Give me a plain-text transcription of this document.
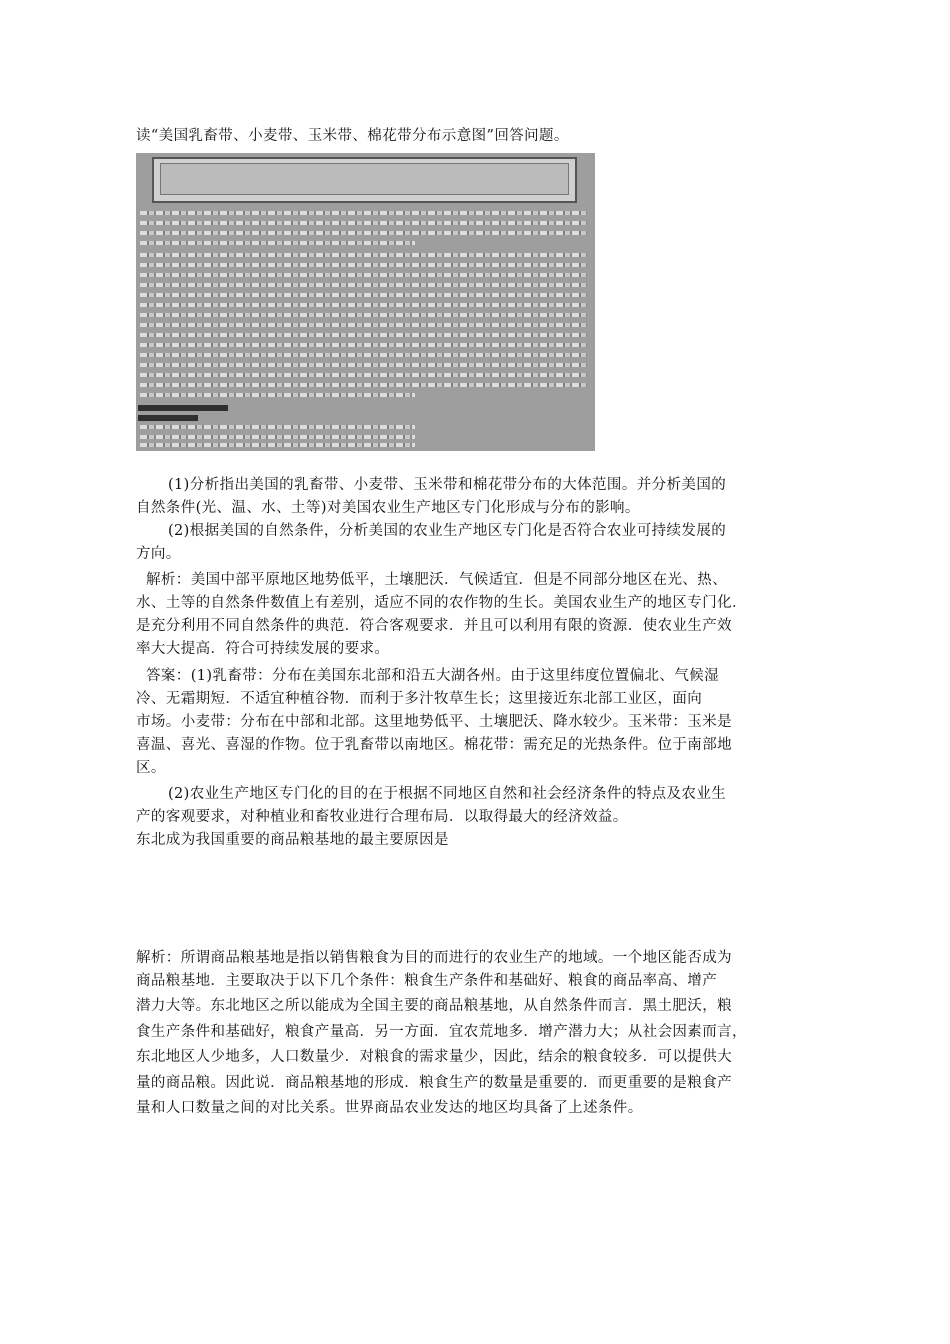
读“美国乳畜带、小麦带、玉米带、棉花带分布示意图”回答问题。
(1)分析指出美国的乳畜带、小麦带、玉米带和棉花带分布的大体范围。并分析美国的
自然条件(光、温、水、土等)对美国农业生产地区专门化形成与分布的影响。
(2)根据美国的自然条件，分析美国的农业生产地区专门化是否符合农业可持续发展的
方向。
解析：美国中部平原地区地势低平，土壤肥沃．气候适宜．但是不同部分地区在光、热、
水、土等的自然条件数值上有差别，适应不同的农作物的生长。美国农业生产的地区专门化．
是充分利用不同自然条件的典范．符合客观要求．并且可以利用有限的资源．使农业生产效
率大大提高．符合可持续发展的要求。
答案：(1)乳畜带：分布在美国东北部和沿五大湖各州。由于这里纬度位置偏北、气候湿
冷、无霜期短．不适宜种植谷物．而利于多汁牧草生长；这里接近东北部工业区，面向
市场。小麦带：分布在中部和北部。这里地势低平、土壤肥沃、降水较少。玉米带：玉米是
喜温、喜光、喜湿的作物。位于乳畜带以南地区。棉花带：需充足的光热条件。位于南部地
区。
(2)农业生产地区专门化的目的在于根据不同地区自然和社会经济条件的特点及农业生
产的客观要求，对种植业和畜牧业进行合理布局．以取得最大的经济效益。
东北成为我国重要的商品粮基地的最主要原因是
解析：所谓商品粮基地是指以销售粮食为目的而进行的农业生产的地域。一个地区能否成为
商品粮基地．主要取决于以下几个条件：粮食生产条件和基础好、粮食的商品率高、增产
潜力大等。东北地区之所以能成为全国主要的商品粮基地，从自然条件而言．黑土肥沃，粮
食生产条件和基础好，粮食产量高．另一方面．宜农荒地多．增产潜力大；从社会因素而言，
东北地区人少地多，人口数量少．对粮食的需求量少，因此，结余的粮食较多．可以提供大
量的商品粮。因此说．商品粮基地的形成．粮食生产的数量是重要的．而更重要的是粮食产
量和人口数量之间的对比关系。世界商品农业发达的地区均具备了上述条件。
